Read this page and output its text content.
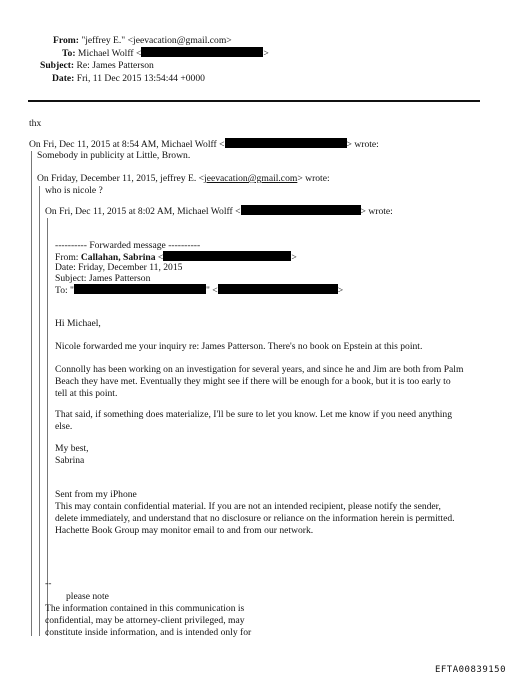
From: "jeffrey E." <jeevacation@gmail.com>
To: Michael Wolff <	>
Subject: Re: James Patterson
Date: Fri, 11 Dec 2015 13:54:44 +0000
thx
On Fri, Dec 11, 2015 at 8:54 AM, Michael Wolff <	> wrote:
Somebody in publicity at Little, Brown.
On Friday, December 11, 2015, jeffrey E. <jeevacation@gmail.com> wrote:
who is nicole ?
On Fri, Dec 11, 2015 at 8:02 AM, Michael Wolff <	> wrote:
---------- Forwarded message ----------
From: Callahan, Sabrina <	>
Date: Friday, December 11, 2015
Subject: James Patterson
To: "	" <	>
Hi Michael,
Nicole forwarded me your inquiry re: James Patterson. There's no book on Epstein at this point.
Connolly has been working on an investigation for several years, and since he and Jim are both from Palm
Beach they have met. Eventually they might see if there will be enough for a book, but it is too early to
tell at this point.
That said, if something does materialize, I'll be sure to let you know. Let me know if you need anything
else.
My best,
Sabrina
Sent from my iPhone
This may contain confidential material. If you are not an intended recipient, please notify the sender,
delete immediately, and understand that no disclosure or reliance on the information herein is permitted.
Hachette Book Group may monitor email to and from our network.
--
please note
The information contained in this communication is
confidential, may be attorney-client privileged, may
constitute inside information, and is intended only for
EFTA00839150
